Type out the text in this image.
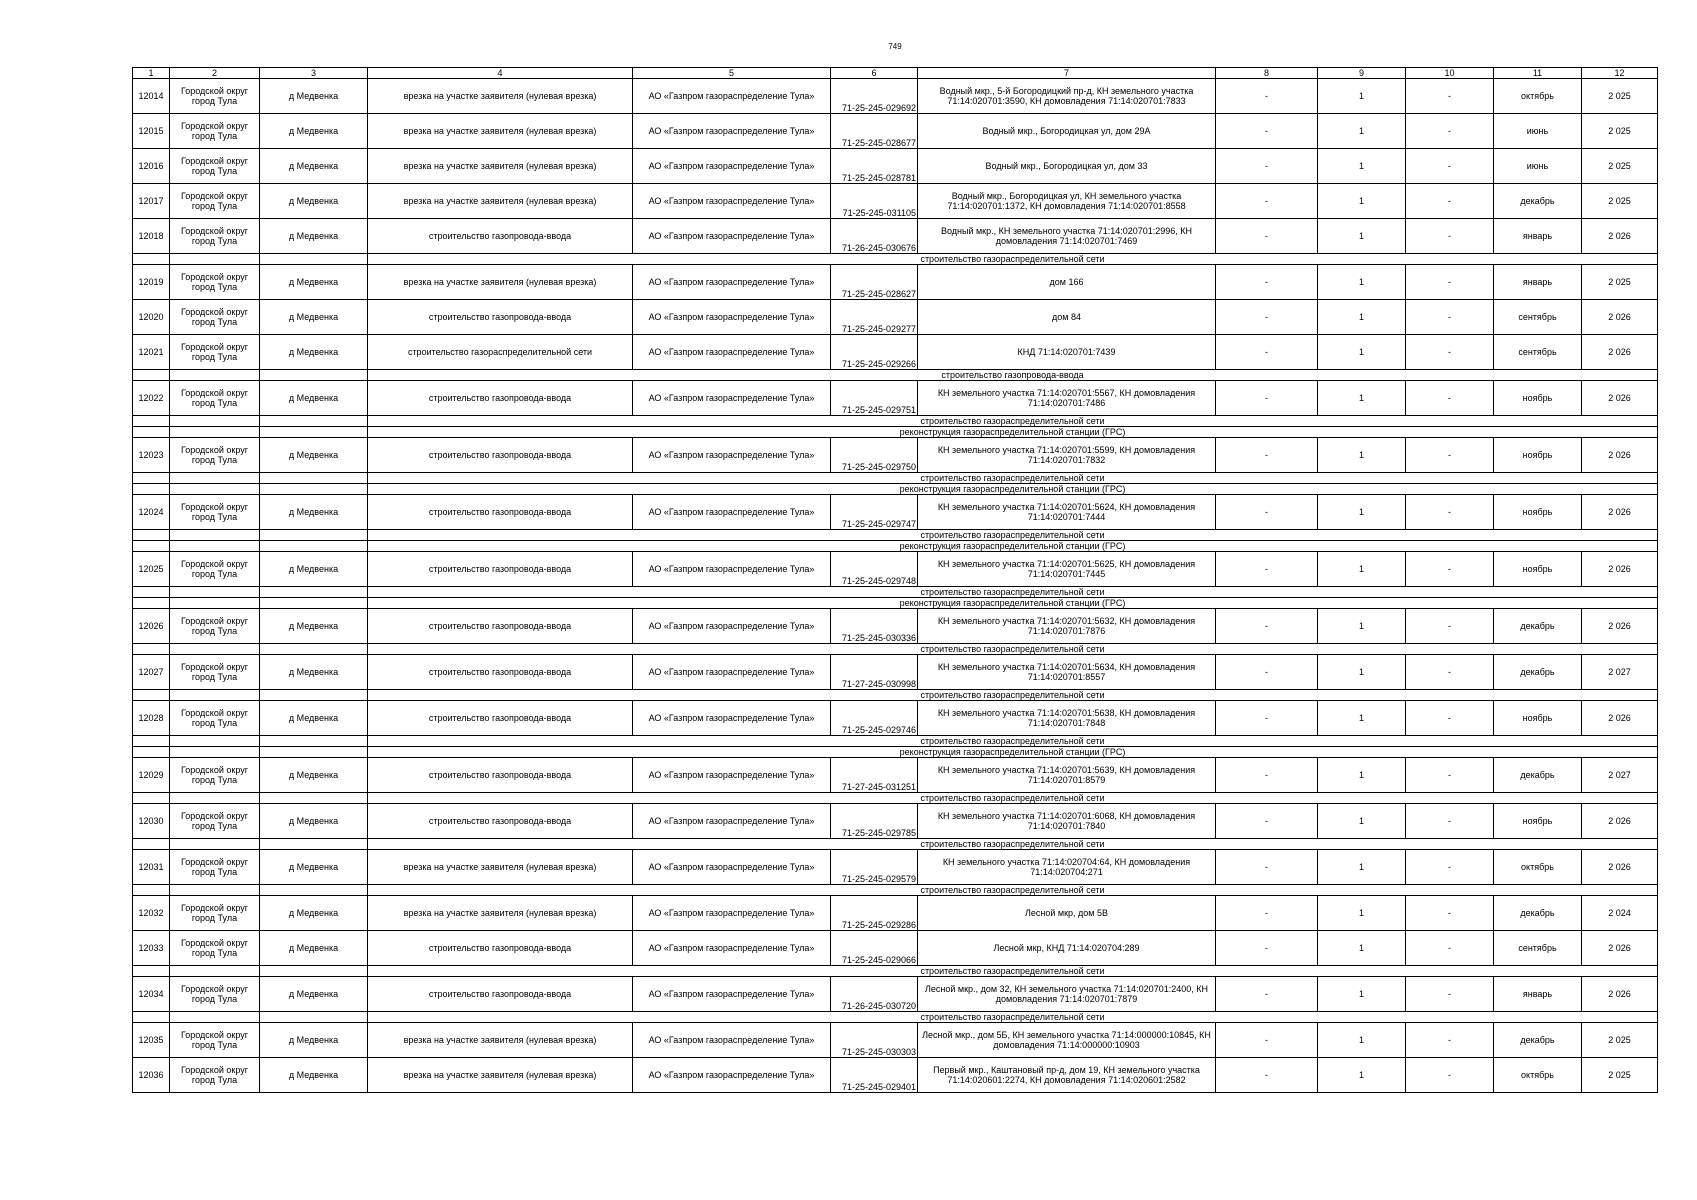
749
1	2	3	4	5	6	7	8	9	10	11	12
12014	Городской округ город Тула	д Медвенка	врезка на участке заявителя (нулевая врезка)	АО «Газпром газораспределение Тула»	71-25-245-029692	Водный мкр., 5-й Богородицкий пр-д, КН земельного участка 71:14:020701:3590, КН домовладения 71:14:020701:7833	-	1	-	октябрь	2 025
12015	Городской округ город Тула	д Медвенка	врезка на участке заявителя (нулевая врезка)	АО «Газпром газораспределение Тула»	71-25-245-028677	Водный мкр., Богородицкая ул, дом 29А	-	1	-	июнь	2 025
12016	Городской округ город Тула	д Медвенка	врезка на участке заявителя (нулевая врезка)	АО «Газпром газораспределение Тула»	71-25-245-028781	Водный мкр., Богородицкая ул, дом 33	-	1	-	июнь	2 025
12017	Городской округ город Тула	д Медвенка	врезка на участке заявителя (нулевая врезка)	АО «Газпром газораспределение Тула»	71-25-245-031105	Водный мкр., Богородицкая ул, КН земельного участка 71:14:020701:1372, КН домовладения 71:14:020701:8558	-	1	-	декабрь	2 025
12018	Городской округ город Тула	д Медвенка	строительство газопровода-ввода	АО «Газпром газораспределение Тула»	71-26-245-030676	Водный мкр., КН земельного участка 71:14:020701:2996, КН домовладения 71:14:020701:7469	-	1	-	январь	2 026
			строительство газораспределительной сети								
12019	Городской округ город Тула	д Медвенка	врезка на участке заявителя (нулевая врезка)	АО «Газпром газораспределение Тула»	71-25-245-028627	дом 166	-	1	-	январь	2 025
12020	Городской округ город Тула	д Медвенка	строительство газопровода-ввода	АО «Газпром газораспределение Тула»	71-25-245-029277	дом 84	-	1	-	сентябрь	2 026
12021	Городской округ город Тула	д Медвенка	строительство газораспределительной сети	АО «Газпром газораспределение Тула»	71-25-245-029266	КНД 71:14:020701:7439	-	1	-	сентябрь	2 026
			строительство газопровода-ввода								
12022	Городской округ город Тула	д Медвенка	строительство газопровода-ввода	АО «Газпром газораспределение Тула»	71-25-245-029751	КН земельного участка 71:14:020701:5567, КН домовладения 71:14:020701:7486	-	1	-	ноябрь	2 026
			строительство газораспределительной сети								
			реконструкция газораспределительной станции (ГРС)								
12023	Городской округ город Тула	д Медвенка	строительство газопровода-ввода	АО «Газпром газораспределение Тула»	71-25-245-029750	КН земельного участка 71:14:020701:5599, КН домовладения 71:14:020701:7832	-	1	-	ноябрь	2 026
			строительство газораспределительной сети								
			реконструкция газораспределительной станции (ГРС)								
12024	Городской округ город Тула	д Медвенка	строительство газопровода-ввода	АО «Газпром газораспределение Тула»	71-25-245-029747	КН земельного участка 71:14:020701:5624, КН домовладения 71:14:020701:7444	-	1	-	ноябрь	2 026
			строительство газораспределительной сети								
			реконструкция газораспределительной станции (ГРС)								
12025	Городской округ город Тула	д Медвенка	строительство газопровода-ввода	АО «Газпром газораспределение Тула»	71-25-245-029748	КН земельного участка 71:14:020701:5625, КН домовладения 71:14:020701:7445	-	1	-	ноябрь	2 026
			строительство газораспределительной сети								
			реконструкция газораспределительной станции (ГРС)								
12026	Городской округ город Тула	д Медвенка	строительство газопровода-ввода	АО «Газпром газораспределение Тула»	71-25-245-030336	КН земельного участка 71:14:020701:5632, КН домовладения 71:14:020701:7876	-	1	-	декабрь	2 026
			строительство газораспределительной сети								
12027	Городской округ город Тула	д Медвенка	строительство газопровода-ввода	АО «Газпром газораспределение Тула»	71-27-245-030998	КН земельного участка 71:14:020701:5634, КН домовладения 71:14:020701:8557	-	1	-	декабрь	2 027
			строительство газораспределительной сети								
12028	Городской округ город Тула	д Медвенка	строительство газопровода-ввода	АО «Газпром газораспределение Тула»	71-25-245-029746	КН земельного участка 71:14:020701:5638, КН домовладения 71:14:020701:7848	-	1	-	ноябрь	2 026
			строительство газораспределительной сети								
			реконструкция газораспределительной станции (ГРС)								
12029	Городской округ город Тула	д Медвенка	строительство газопровода-ввода	АО «Газпром газораспределение Тула»	71-27-245-031251	КН земельного участка 71:14:020701:5639, КН домовладения 71:14:020701:8579	-	1	-	декабрь	2 027
			строительство газораспределительной сети								
12030	Городской округ город Тула	д Медвенка	строительство газопровода-ввода	АО «Газпром газораспределение Тула»	71-25-245-029785	КН земельного участка 71:14:020701:6068, КН домовладения 71:14:020701:7840	-	1	-	ноябрь	2 026
			строительство газораспределительной сети								
12031	Городской округ город Тула	д Медвенка	врезка на участке заявителя (нулевая врезка)	АО «Газпром газораспределение Тула»	71-25-245-029579	КН земельного участка 71:14:020704:64, КН домовладения 71:14:020704:271	-	1	-	октябрь	2 026
			строительство газораспределительной сети								
12032	Городской округ город Тула	д Медвенка	врезка на участке заявителя (нулевая врезка)	АО «Газпром газораспределение Тула»	71-25-245-029286	Лесной мкр, дом 5В	-	1	-	декабрь	2 024
12033	Городской округ город Тула	д Медвенка	строительство газопровода-ввода	АО «Газпром газораспределение Тула»	71-25-245-029066	Лесной мкр, КНД 71:14:020704:289	-	1	-	сентябрь	2 026
			строительство газораспределительной сети								
12034	Городской округ город Тула	д Медвенка	строительство газопровода-ввода	АО «Газпром газораспределение Тула»	71-26-245-030720	Лесной мкр., дом 32, КН земельного участка 71:14:020701:2400, КН домовладения 71:14:020701:7879	-	1	-	январь	2 026
			строительство газораспределительной сети								
12035	Городской округ город Тула	д Медвенка	врезка на участке заявителя (нулевая врезка)	АО «Газпром газораспределение Тула»	71-25-245-030303	Лесной мкр., дом 5Б, КН земельного участка 71:14:000000:10845, КН домовладения 71:14:000000:10903	-	1	-	декабрь	2 025
12036	Городской округ город Тула	д Медвенка	врезка на участке заявителя (нулевая врезка)	АО «Газпром газораспределение Тула»	71-25-245-029401	Первый мкр., Каштановый пр-д, дом 19, КН земельного участка 71:14:020601:2274, КН домовладения 71:14:020601:2582	-	1	-	октябрь	2 025
